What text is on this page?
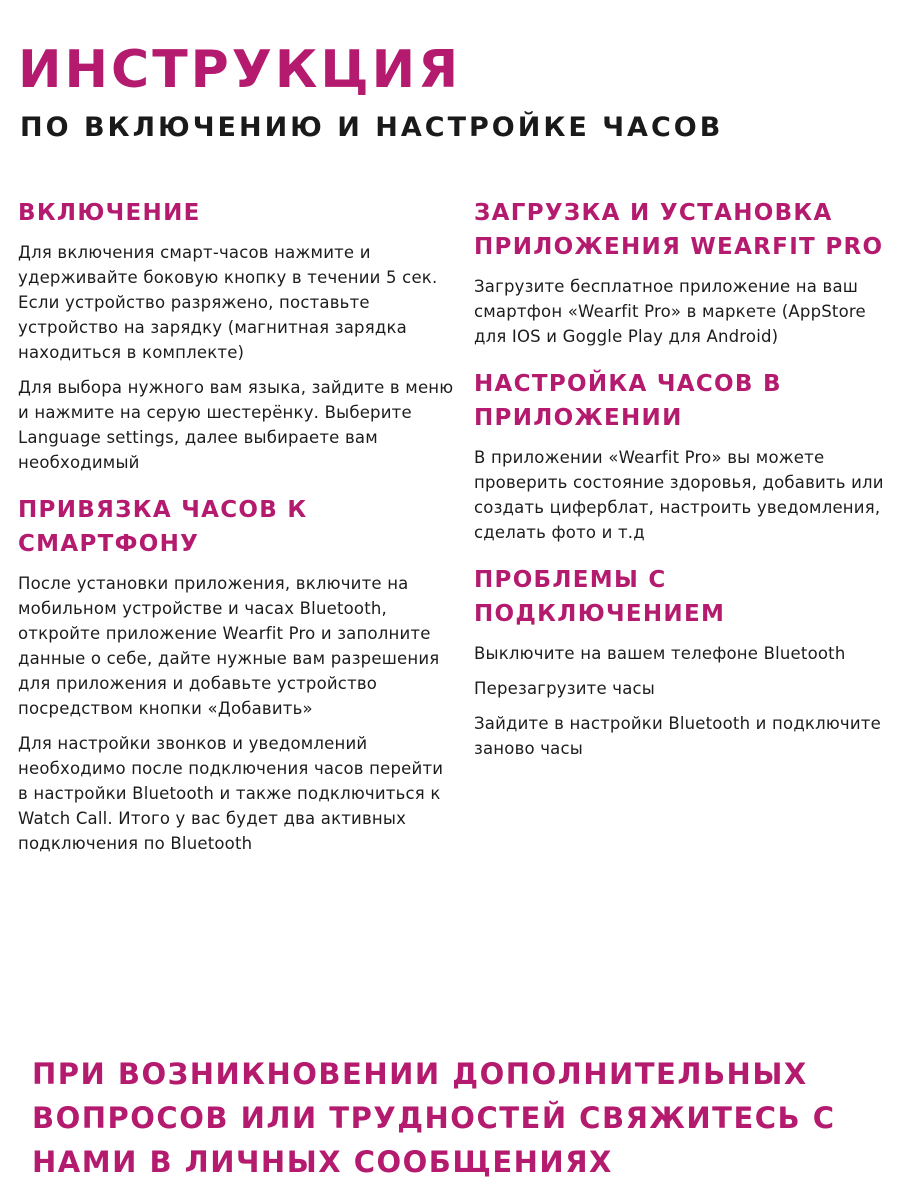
ИНСТРУКЦИЯ
ПО ВКЛЮЧЕНИЮ И НАСТРОЙКЕ ЧАСОВ
ВКЛЮЧЕНИЕ

Для включения смарт-часов нажмите и удерживайте боковую кнопку в течении 5 сек. Если устройство разряжено, поставьте устройство на зарядку (магнитная зарядка находиться в комплекте)

Для выбора нужного вам языка, зайдите в меню и нажмите на серую шестерёнку. Выберите Language settings, далее выбираете вам необходимый

ПРИВЯЗКА ЧАСОВ К СМАРТФОНУ

После установки приложения, включите на мобильном устройстве и часах Bluetooth, откройте приложение Wearfit Pro и заполните данные о себе, дайте нужные вам разрешения для приложения и добавьте устройство посредством кнопки «Добавить»

Для настройки звонков и уведомлений необходимо после подключения часов перейти в настройки Bluetooth и также подключиться к Watch Call. Итого у вас будет два активных подключения по Bluetooth

ЗАГРУЗКА И УСТАНОВКА ПРИЛОЖЕНИЯ WEARFIT PRO

Загрузите бесплатное приложение на ваш смартфон «Wearfit Pro» в маркете (AppStore для IOS и Goggle Play для Android)

НАСТРОЙКА ЧАСОВ В ПРИЛОЖЕНИИ

В приложении «Wearfit Pro» вы можете проверить состояние здоровья, добавить или создать циферблат, настроить уведомления, сделать фото и т.д

ПРОБЛЕМЫ С ПОДКЛЮЧЕНИЕМ

Выключите на вашем телефоне Bluetooth

Перезагрузите часы

Зайдите в настройки Bluetooth и подключите заново часы

ПРИ ВОЗНИКНОВЕНИИ ДОПОЛНИТЕЛЬНЫХ ВОПРОСОВ ИЛИ ТРУДНОСТЕЙ СВЯЖИТЕСЬ С НАМИ В ЛИЧНЫХ СООБЩЕНИЯХ
